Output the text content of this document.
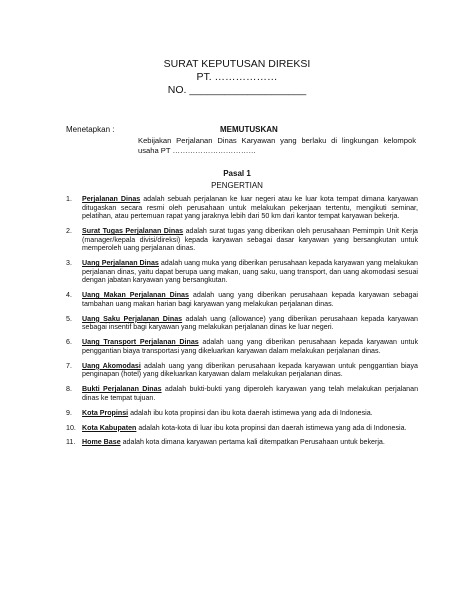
SURAT KEPUTUSAN DIREKSI
PT. ………………
NO. ____________________
Menetapkan :	MEMUTUSKAN
Kebijakan Perjalanan Dinas Karyawan yang berlaku di lingkungan kelompok usaha PT ……………………………
Pasal 1
PENGERTIAN
1.	Perjalanan Dinas adalah sebuah perjalanan ke luar negeri atau ke luar kota tempat dimana karyawan ditugaskan secara resmi oleh perusahaan untuk melakukan pekerjaan tertentu, mengikuti seminar, pelatihan, atau pertemuan rapat yang jaraknya lebih dari 50 km dari kantor tempat karyawan bekerja.
2.	Surat Tugas Perjalanan Dinas adalah surat tugas yang diberikan oleh perusahaan Pemimpin Unit Kerja (manager/kepala divisi/direksi) kepada karyawan sebagai dasar karyawan yang bersangkutan untuk memperoleh uang perjalanan dinas.
3.	Uang Perjalanan Dinas adalah uang muka yang diberikan perusahaan kepada karyawan yang melakukan perjalanan dinas, yaitu dapat berupa uang makan, uang saku, uang transport, dan uang akomodasi sesuai dengan jabatan karyawan yang bersangkutan.
4.	Uang Makan Perjalanan Dinas adalah uang yang diberikan perusahaan kepada karyawan sebagai tambahan uang makan harian bagi karyawan yang melakukan perjalanan dinas.
5.	Uang Saku Perjalanan Dinas adalah uang (allowance) yang diberikan perusahaan kepada karyawan sebagai insentif bagi karyawan yang melakukan perjalanan dinas ke luar negeri.
6.	Uang Transport Perjalanan Dinas adalah uang yang diberikan perusahaan kepada karyawan untuk penggantian biaya transportasi yang dikeluarkan karyawan dalam melakukan perjalanan dinas.
7.	Uang Akomodasi adalah uang yang diberikan perusahaan kepada karyawan untuk penggantian biaya penginapan (hotel) yang dikeluarkan karyawan dalam melakukan perjalanan dinas.
8.	Bukti Perjalanan Dinas adalah bukti-bukti yang diperoleh karyawan yang telah melakukan perjalanan dinas ke tempat tujuan.
9.	Kota Propinsi adalah ibu kota propinsi dan ibu kota daerah istimewa yang ada di Indonesia.
10. Kota Kabupaten adalah kota-kota di luar ibu kota propinsi dan daerah istimewa yang ada di Indonesia.
11. Home Base adalah kota dimana karyawan pertama kali ditempatkan Perusahaan untuk bekerja.
